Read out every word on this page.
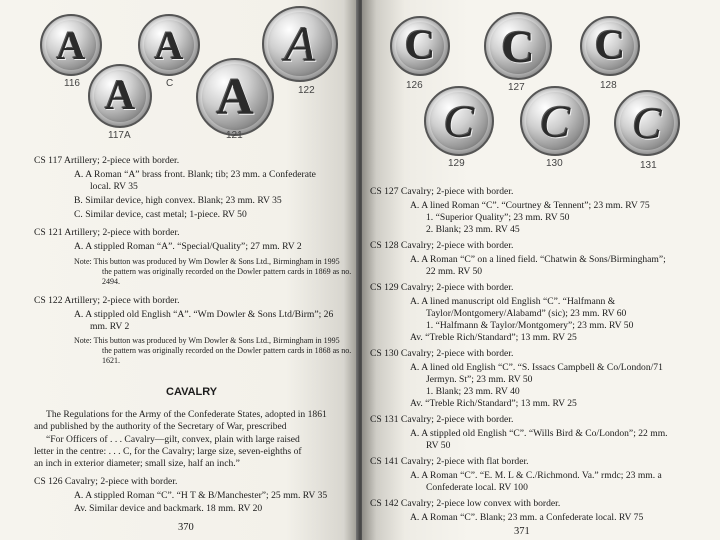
A	A	A
A	A
116	C
122
117A	121
CS 117 Artillery; 2-piece with border.
A. A Roman “A” brass front. Blank; tib; 23 mm. a Confederate
local. RV 35
B. Similar device, high convex. Blank; 23 mm. RV 35
C. Similar device, cast metal; 1-piece. RV 50
CS 121 Artillery; 2-piece with border.
A. A stippled Roman “A”. “Special/Quality”; 27 mm. RV 2
Note: This button was produced by Wm Dowler & Sons Ltd., Birmingham in 1995
the pattern was originally recorded on the Dowler pattern cards in 1869 as no.
2494.
CS 122 Artillery; 2-piece with border.
A. A stippled old English “A”. “Wm Dowler & Sons Ltd/Birm”; 26
mm. RV 2
Note: This button was produced by Wm Dowler & Sons Ltd., Birmingham in 1995
the pattern was originally recorded on the Dowler pattern cards in 1868 as no.
1621.
CAVALRY
The Regulations for the Army of the Confederate States, adopted in 1861
and published by the authority of the Secretary of War, prescribed
“For Officers of . . . Cavalry—gilt, convex, plain with large raised
letter in the centre: . . . C, for the Cavalry; large size, seven-eighths of
an inch in exterior diameter; small size, half an inch.”
CS 126 Cavalry; 2-piece with border.
A. A stippled Roman “C”. “H T & B/Manchester”; 25 mm. RV 35
Av. Similar device and backmark. 18 mm. RV 20
370
C	C	C
C	C	C
126	127	128
129	130	131
CS 127 Cavalry; 2-piece with border.
A. A lined Roman “C”. “Courtney & Tennent”; 23 mm. RV 75
1. “Superior Quality”; 23 mm. RV 50
2. Blank; 23 mm. RV 45
CS 128 Cavalry; 2-piece with border.
A. A Roman “C” on a lined field. “Chatwin & Sons/Birmingham”;
22 mm. RV 50
CS 129 Cavalry; 2-piece with border.
A. A lined manuscript old English “C”. “Halfmann &
Taylor/Montgomery/Alabamd” (sic); 23 mm. RV 60
1. “Halfmann & Taylor/Montgomery”; 23 mm. RV 50
Av. “Treble Rich/Standard”; 13 mm. RV 25
CS 130 Cavalry; 2-piece with border.
A. A lined old English “C”. “S. Issacs Campbell & Co/London/71
Jermyn. St”; 23 mm. RV 50
1. Blank; 23 mm. RV 40
Av. “Treble Rich/Standard”; 13 mm. RV 25
CS 131 Cavalry; 2-piece with border.
A. A stippled old English “C”. “Wills Bird & Co/London”; 22 mm.
RV 50
CS 141 Cavalry; 2-piece with flat border.
A. A Roman “C”. “E. M. L & C./Richmond. Va.” rmdc; 23 mm. a
Confederate local. RV 100
CS 142 Cavalry; 2-piece low convex with border.
A. A Roman “C”. Blank; 23 mm. a Confederate local. RV 75
371
